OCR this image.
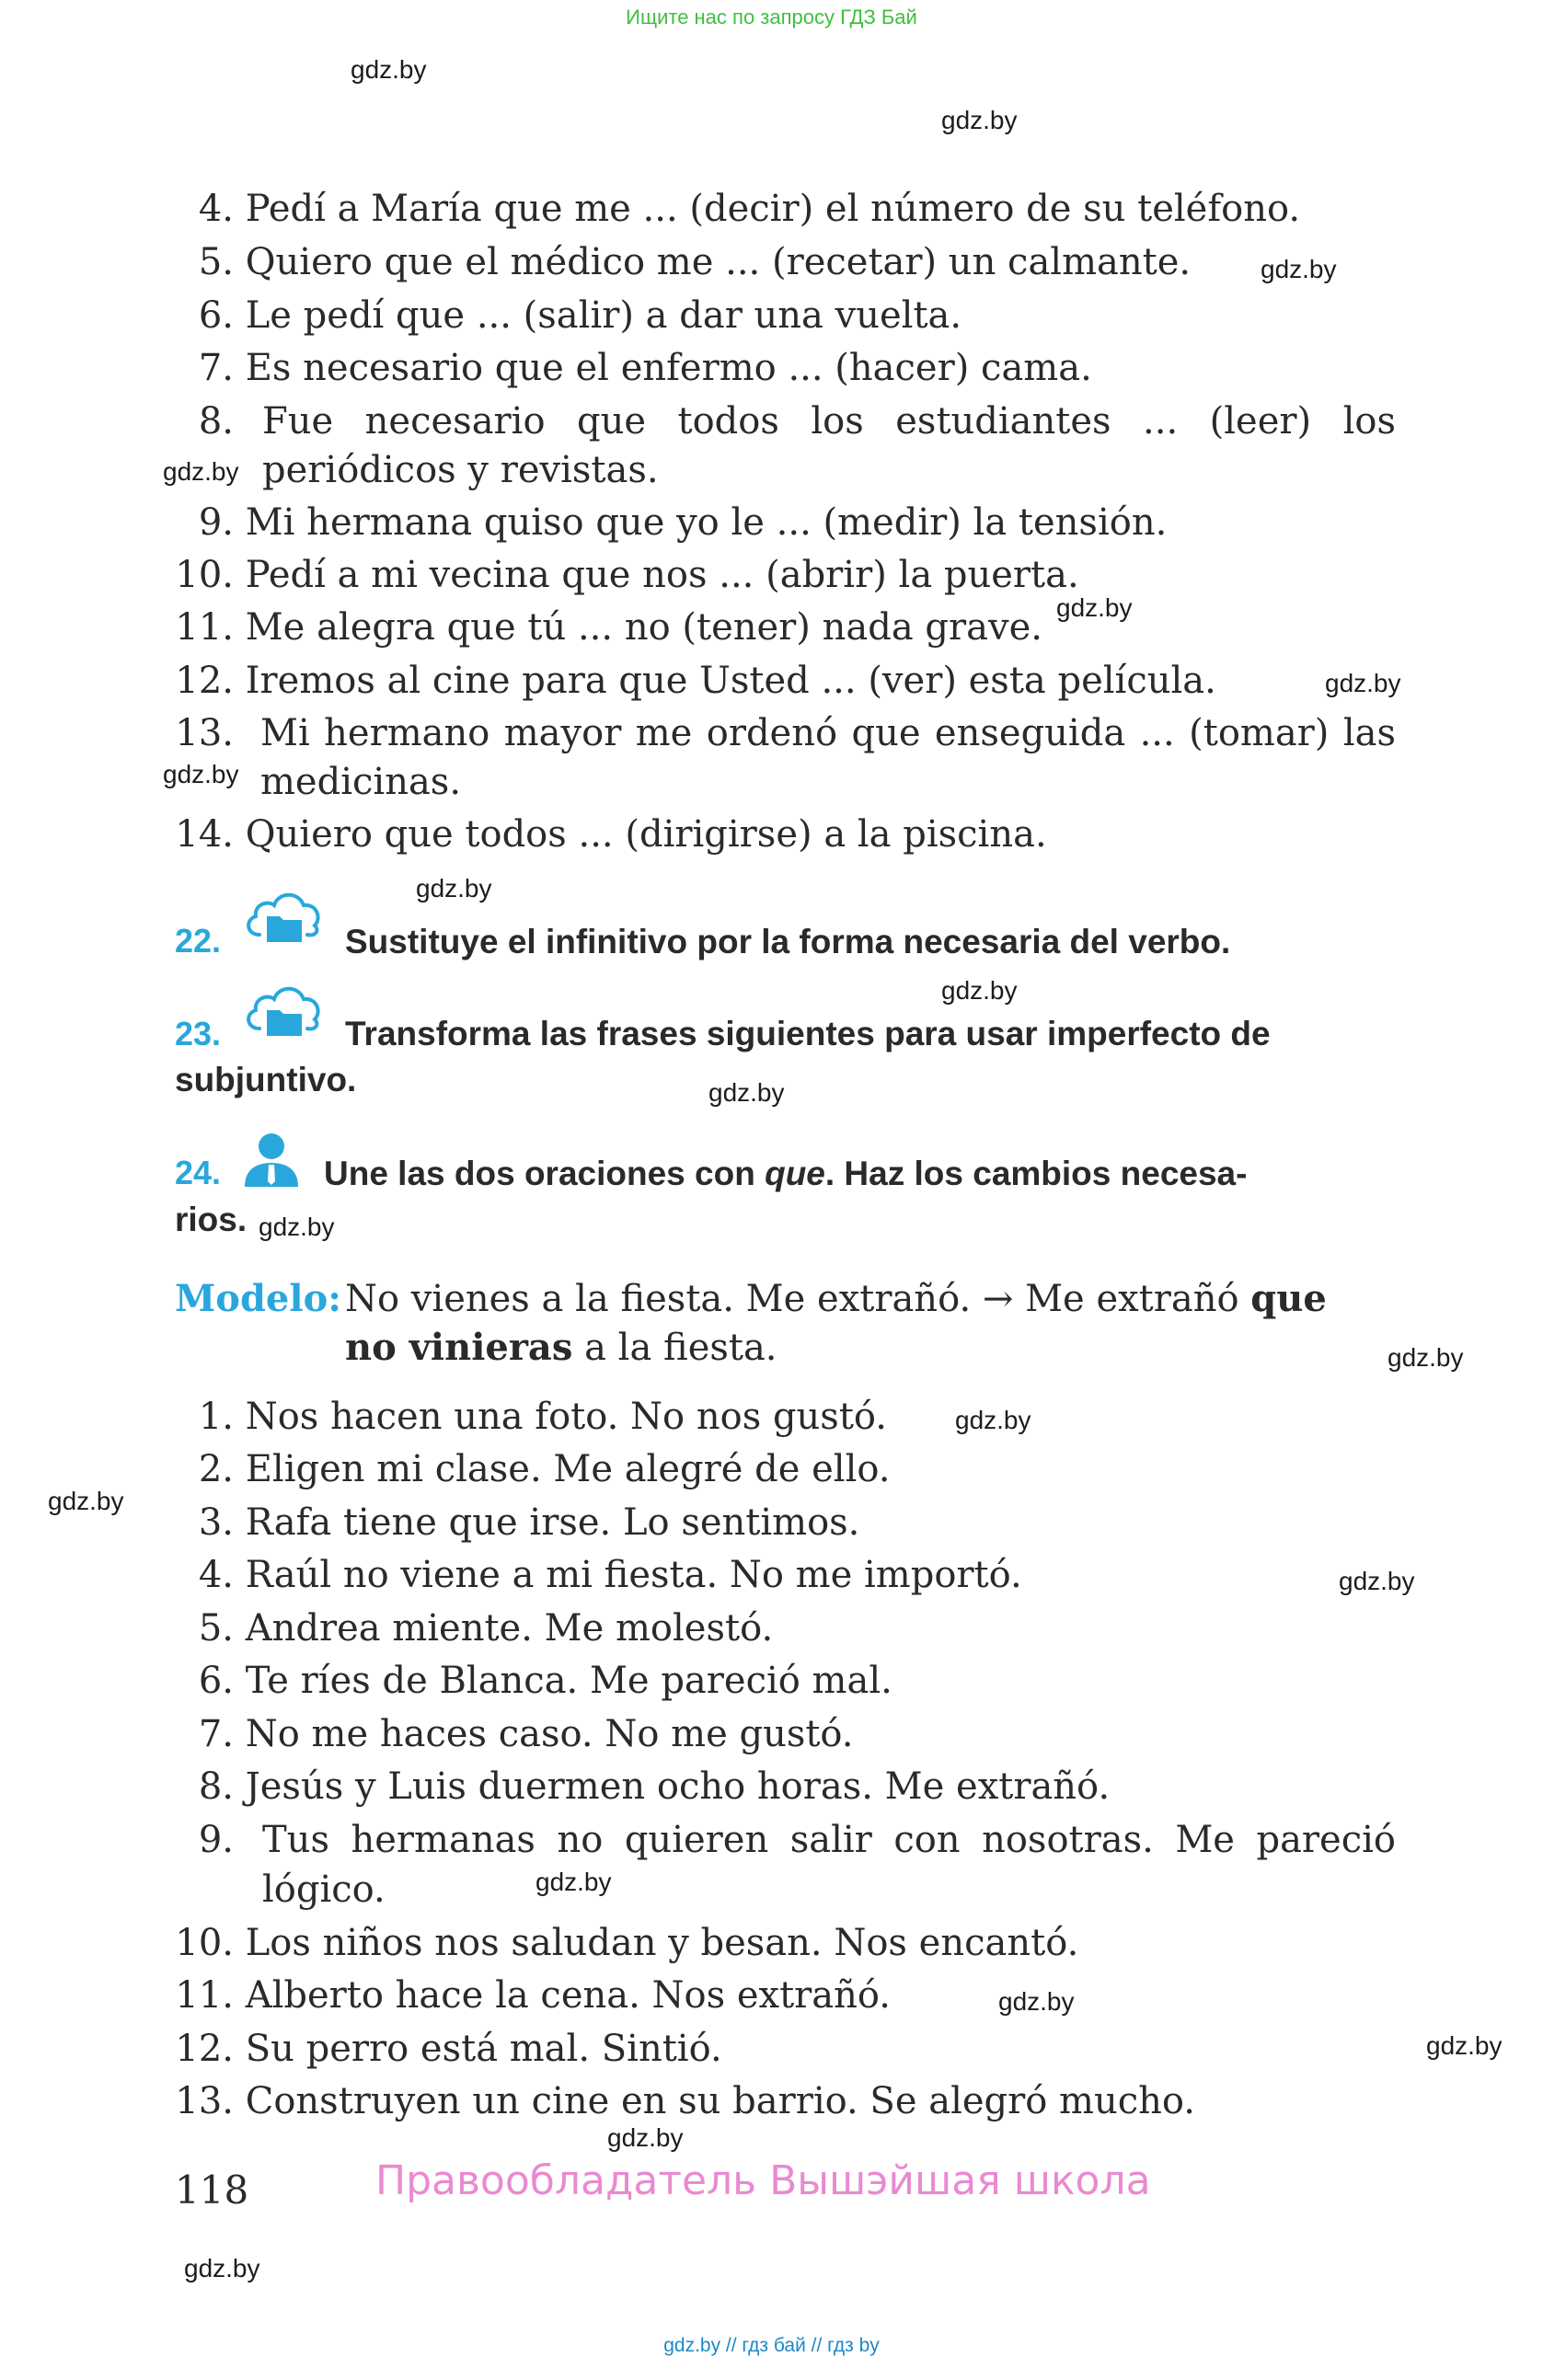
Ищите нас по запросу ГДЗ Бай
gdz.by
gdz.by
gdz.by
gdz.by
gdz.by
gdz.by
gdz.by
gdz.by
gdz.by
gdz.by
gdz.by
gdz.by
gdz.by
gdz.by
gdz.by
gdz.by
gdz.by
gdz.by
gdz.by
gdz.by
4. Pedí a María que me ... (decir) el número de su teléfono.
5. Quiero que el médico me ... (recetar) un calmante.
6. Le pedí que ... (salir) a dar una vuelta.
7. Es necesario que el enfermo ... (hacer) cama.
8. Fue necesario que todos los estudiantes ... (leer) los
periódicos y revistas.
9. Mi hermana quiso que yo le ... (medir) la tensión.
10. Pedí a mi vecina que nos ... (abrir) la puerta.
11. Me alegra que tú ... no (tener) nada grave.
12. Iremos al cine para que Usted ... (ver) esta película.
13. Mi hermano mayor me ordenó que enseguida ... (tomar) las
medicinas.
14. Quiero que todos ... (dirigirse) a la piscina.
22.	Sustituye el infinitivo por la forma necesaria del verbo.
23.	Transforma las frases siguientes para usar imperfecto de
subjuntivo.
24.	Une las dos oraciones con que. Haz los cambios necesa-
rios.
Modelo: No vienes a la fiesta. Me extrañó. → Me extrañó que
no vinieras a la fiesta.
1. Nos hacen una foto. No nos gustó.
2. Eligen mi clase. Me alegré de ello.
3. Rafa tiene que irse. Lo sentimos.
4. Raúl no viene a mi fiesta. No me importó.
5. Andrea miente. Me molestó.
6. Te ríes de Blanca. Me pareció mal.
7. No me haces caso. No me gustó.
8. Jesús y Luis duermen ocho horas. Me extrañó.
9. Tus hermanas no quieren salir con nosotras. Me pareció
lógico.
10. Los niños nos saludan y besan. Nos encantó.
11. Alberto hace la cena. Nos extrañó.
12. Su perro está mal. Sintió.
13. Construyen un cine en su barrio. Se alegró mucho.
118	Правообладатель Вышэйшая школа
gdz.by // гдз бай // гдз by
